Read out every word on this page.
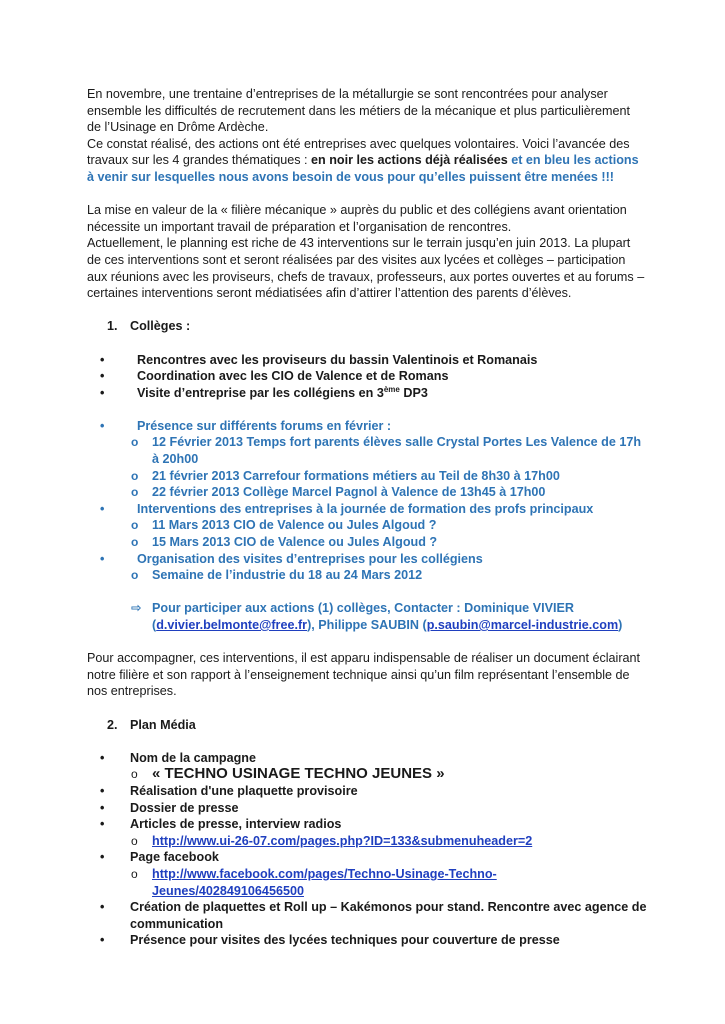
En novembre, une trentaine d’entreprises de la métallurgie se sont rencontrées pour analyser ensemble les difficultés de recrutement dans les métiers de la mécanique et plus particulièrement de l’Usinage en Drôme Ardèche.

Ce constat réalisé, des actions ont été entreprises avec quelques volontaires. Voici l’avancée des travaux sur les 4 grandes thématiques : en noir les actions déjà réalisées et en bleu les actions à venir sur lesquelles nous avons besoin de vous pour qu’elles puissent être menées !!!

La mise en valeur de la « filière mécanique » auprès du public et des collégiens avant orientation nécessite un important travail de préparation et l’organisation de rencontres.

Actuellement, le planning est riche de 43 interventions sur le terrain jusqu’en juin 2013. La plupart de ces interventions sont et seront réalisées par des visites aux lycées et collèges – participation aux réunions avec les proviseurs, chefs de travaux, professeurs, aux portes ouvertes et au forums – certaines interventions seront médiatisées afin d’attirer l’attention des parents d’élèves.

1. Collèges :
•	Rencontres avec les proviseurs du bassin Valentinois et Romanais
•	Coordination avec les CIO de Valence et de Romans
•	Visite d’entreprise par les collégiens en 3ème DP3
•	Présence sur différents forums en février :
o 12 Février 2013 Temps fort parents élèves salle Crystal Portes Les Valence de 17h à 20h00
o 21 février 2013 Carrefour formations métiers au Teil de 8h30 à 17h00
o 22 février 2013 Collège Marcel Pagnol à Valence de 13h45 à 17h00
•	Interventions des entreprises à la journée de formation des profs principaux
o 11 Mars 2013 CIO de Valence ou Jules Algoud ?
o 15 Mars 2013 CIO de Valence ou Jules Algoud ?
•	Organisation des visites d’entreprises pour les collégiens
o Semaine de l’industrie du 18 au 24 Mars 2012
⇨ Pour participer aux actions (1) collèges, Contacter : Dominique VIVIER (d.vivier.belmonte@free.fr), Philippe SAUBIN (p.saubin@marcel-industrie.com)

Pour accompagner, ces interventions, il est apparu indispensable de réaliser un document éclairant notre filière et son rapport à l’enseignement technique ainsi qu’un film représentant l’ensemble de nos entreprises.

2. Plan Média
• Nom de la campagne
o « TECHNO USINAGE TECHNO JEUNES »
• Réalisation d'une plaquette provisoire
• Dossier de presse
• Articles de presse, interview radios
o http://www.ui-26-07.com/pages.php?ID=133&submenuheader=2
• Page facebook
o http://www.facebook.com/pages/Techno-Usinage-Techno-Jeunes/402849106456500
• Création de plaquettes et Roll up – Kakémonos pour stand. Rencontre avec agence de communication
• Présence pour visites des lycées techniques pour couverture de presse
